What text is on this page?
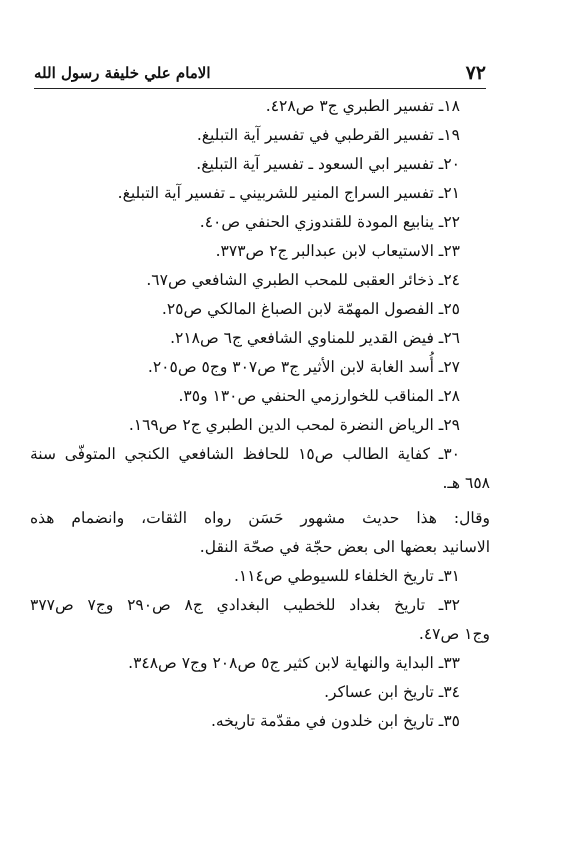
٧٢
الامام علي خليفة رسول الله
١٨ـ تفسير الطبري ج٣ ص٤٢٨.
١٩ـ تفسير القرطبي في تفسير آية التبليغ.
٢٠ـ تفسير ابي السعود ـ تفسير آية التبليغ.
٢١ـ تفسير السراج المنير للشربيني ـ تفسير آية التبليغ.
٢٢ـ ينابيع المودة للقندوزي الحنفي ص٤٠.
٢٣ـ الاستيعاب لابن عبدالبر ج٢ ص٣٧٣.
٢٤ـ ذخائر العقبى للمحب الطبري الشافعي ص٦٧.
٢٥ـ الفصول المهمّة لابن الصباغ المالكي ص٢٥.
٢٦ـ فيض القدير للمناوي الشافعي ج٦ ص٢١٨.
٢٧ـ أُسد الغابة لابن الأثير ج٣ ص٣٠٧ وج٥ ص٢٠٥.
٢٨ـ المناقب للخوارزمي الحنفي ص١٣٠ و٣٥.
٢٩ـ الرياض النضرة لمحب الدين الطبري ج٢ ص١٦٩.
٣٠ـ كفاية الطالب ص١٥ للحافظ الشافعي الكنجي المتوفّى سنة
٦٥٨ هـ.
وقال: هذا حديث مشهور حَسَن رواه الثقات، وانضمام هذه
الاسانيد بعضها الى بعض حجّة في صحّة النقل.
٣١ـ تاريخ الخلفاء للسيوطي ص١١٤.
٣٢ـ تاريخ بغداد للخطيب البغدادي ج٨ ص٢٩٠ وج٧ ص٣٧٧
وج١ ص٤٧.
٣٣ـ البداية والنهاية لابن كثير ج٥ ص٢٠٨ وج٧ ص٣٤٨.
٣٤ـ تاريخ ابن عساكر.
٣٥ـ تاريخ ابن خلدون في مقدّمة تاريخه.
